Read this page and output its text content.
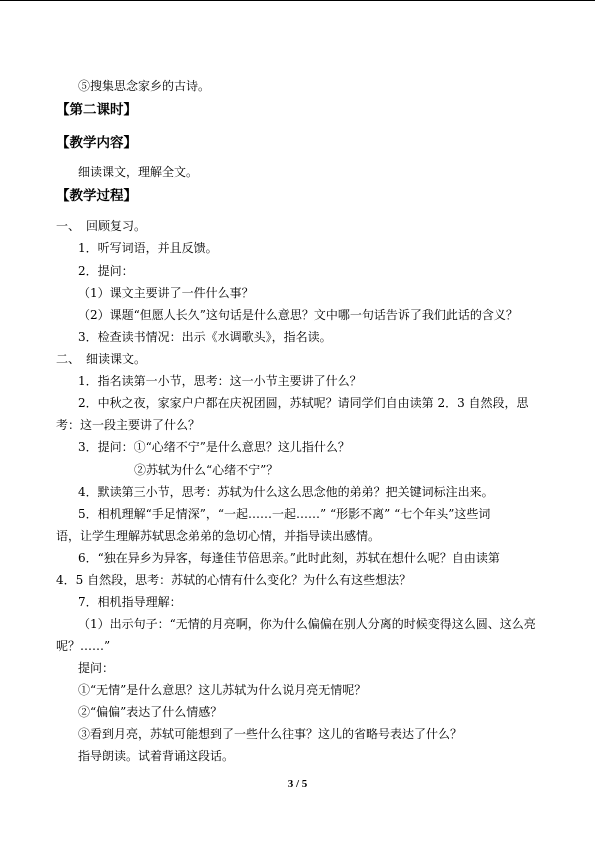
⑤搜集思念家乡的古诗。
【第二课时】
【教学内容】
细读课文，理解全文。
【教学过程】
一、　回顾复习。
1．听写词语，并且反馈。
2．提问：
（1）课文主要讲了一件什么事？
（2）课题“但愿人长久”这句话是什么意思？文中哪一句话告诉了我们此话的含义？
3．检查读书情况：出示《水调歌头》，指名读。
二、　细读课文。
1．指名读第一小节，思考：这一小节主要讲了什么？
2．中秋之夜，家家户户都在庆祝团圆，苏轼呢？请同学们自由读第 2．3 自然段，思
考：这一段主要讲了什么？
3．提问：①“心绪不宁”是什么意思？这儿指什么？
②苏轼为什么“心绪不宁”？
4．默读第三小节，思考：苏轼为什么这么思念他的弟弟？把关键词标注出来。
5．相机理解“手足情深”，“一起……一起……” “形影不离” “七个年头”这些词
语，让学生理解苏轼思念弟弟的急切心情，并指导读出感情。
6．“独在异乡为异客，每逢佳节倍思亲。”此时此刻，苏轼在想什么呢？自由读第
4．5 自然段，思考：苏轼的心情有什么变化？为什么有这些想法？
7．相机指导理解：
（1）出示句子：“无情的月亮啊，你为什么偏偏在别人分离的时候变得这么圆、这么亮
呢？……”
提问：
①“无情”是什么意思？这儿苏轼为什么说月亮无情呢？
②“偏偏”表达了什么情感？
③看到月亮，苏轼可能想到了一些什么往事？这儿的省略号表达了什么？
指导朗读。试着背诵这段话。
3 / 5
